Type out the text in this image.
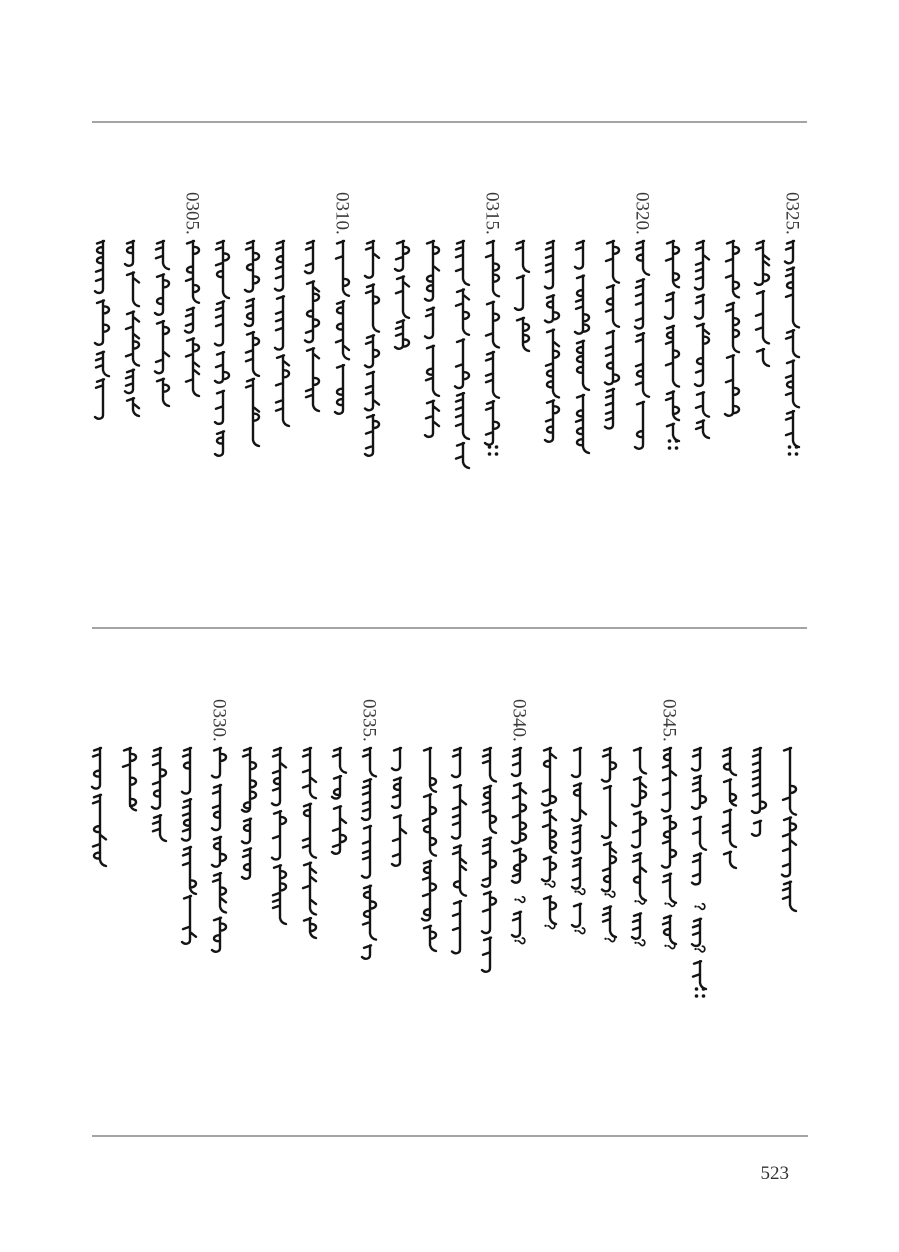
0305.	0310.	0315.	0320.	0325.
0330.	0335.	0340.	0345.
523
